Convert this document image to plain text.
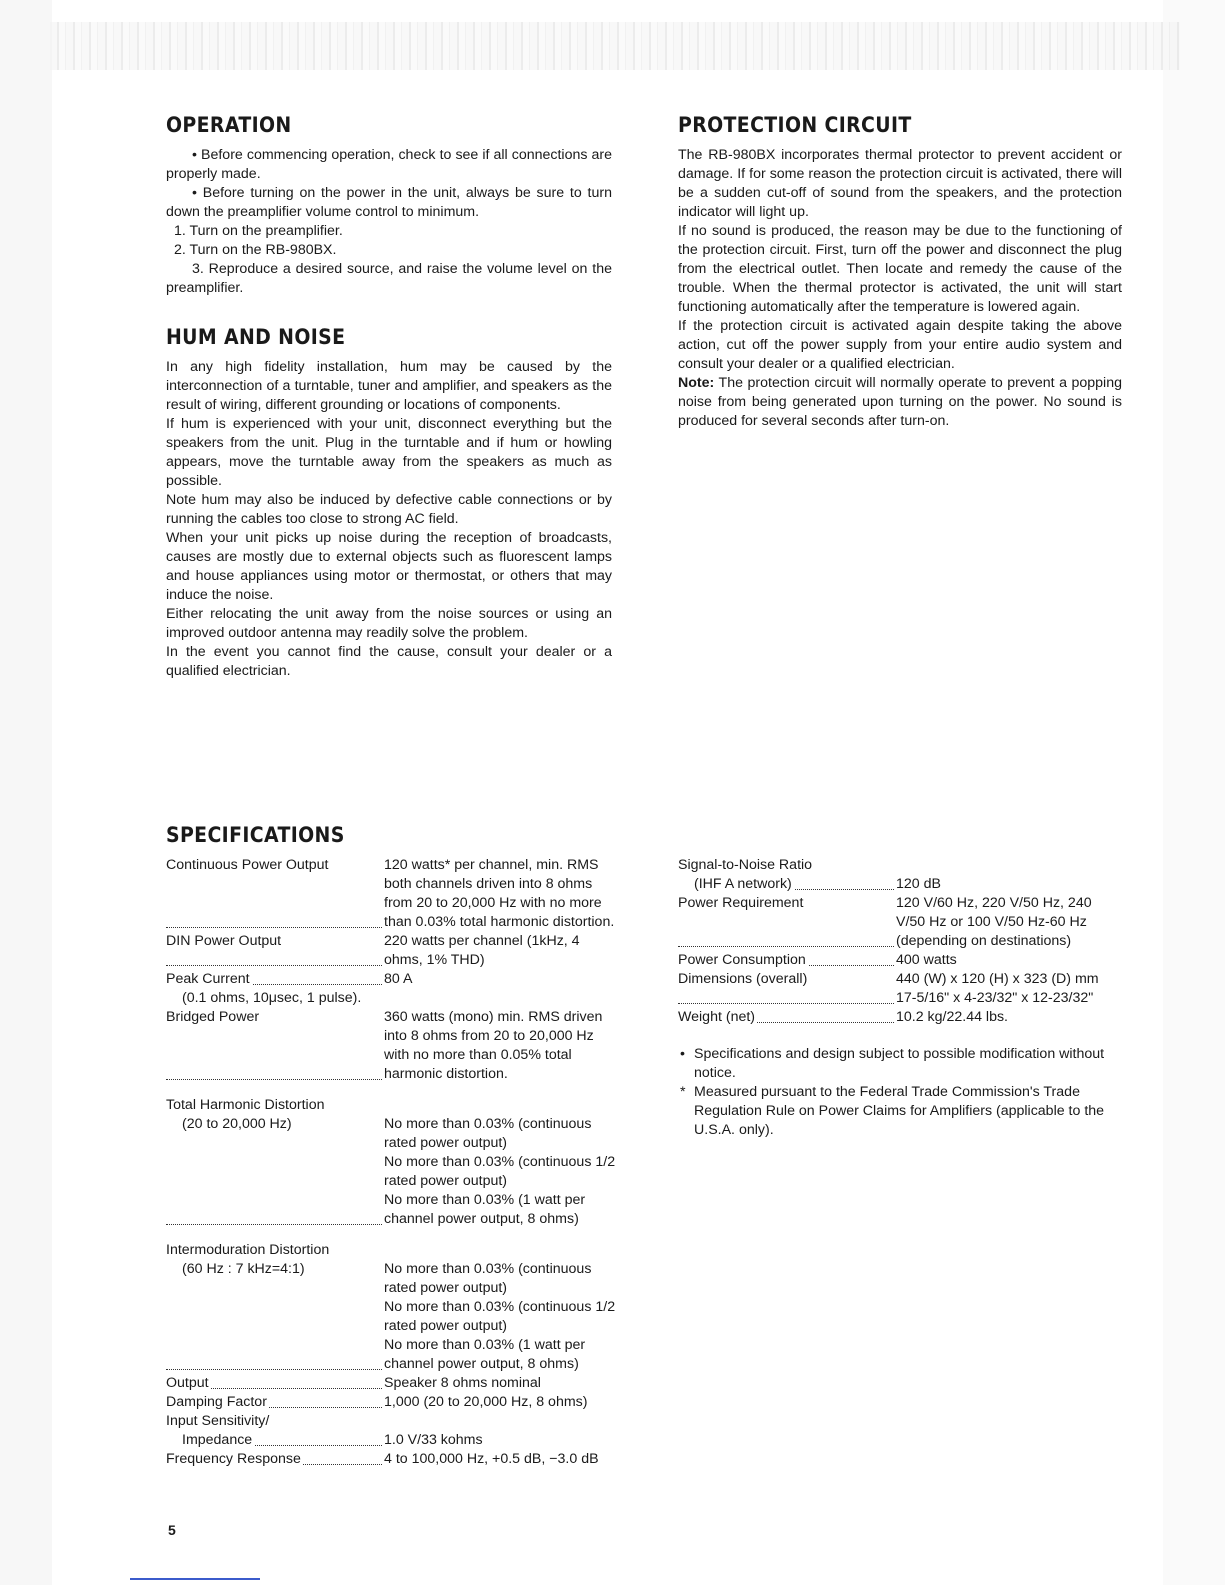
OPERATION

• Before commencing operation, check to see if all connections are properly made.

• Before turning on the power in the unit, always be sure to turn down the preamplifier volume control to minimum.

1. Turn on the preamplifier.

2. Turn on the RB-980BX.

3. Reproduce a desired source, and raise the volume level on the preamplifier.

HUM AND NOISE

In any high fidelity installation, hum may be caused by the interconnection of a turntable, tuner and amplifier, and speakers as the result of wiring, different grounding or locations of components.

If hum is experienced with your unit, disconnect everything but the speakers from the unit. Plug in the turntable and if hum or howling appears, move the turntable away from the speakers as much as possible.

Note hum may also be induced by defective cable connections or by running the cables too close to strong AC field.

When your unit picks up noise during the reception of broadcasts, causes are mostly due to external objects such as fluorescent lamps and house appliances using motor or thermostat, or others that may induce the noise.

Either relocating the unit away from the noise sources or using an improved outdoor antenna may readily solve the problem.

In the event you cannot find the cause, consult your dealer or a qualified electrician.

PROTECTION CIRCUIT

The RB-980BX incorporates thermal protector to prevent accident or damage. If for some reason the protection circuit is activated, there will be a sudden cut-off of sound from the speakers, and the protection indicator will light up.

If no sound is produced, the reason may be due to the functioning of the protection circuit. First, turn off the power and disconnect the plug from the electrical outlet. Then locate and remedy the cause of the trouble. When the thermal protector is activated, the unit will start functioning automatically after the temperature is lowered again.

If the protection circuit is activated again despite taking the above action, cut off the power supply from your entire audio system and consult your dealer or a qualified electrician.

Note: The protection circuit will normally operate to prevent a popping noise from being generated upon turning on the power. No sound is produced for several seconds after turn-on.

SPECIFICATIONS
Continuous Power Output	120 watts* per channel, min. RMS both channels driven into 8 ohms from 20 to 20,000 Hz with no more than 0.03% total harmonic distortion.
DIN Power Output	220 watts per channel (1kHz, 4 ohms, 1% THD)
Peak Current	80 A
(0.1 ohms, 10μsec, 1 pulse).
Bridged Power	360 watts (mono) min. RMS driven into 8 ohms from 20 to 20,000 Hz with no more than 0.05% total harmonic distortion.
Total Harmonic Distortion
(20 to 20,000 Hz)	No more than 0.03% (continuous rated power output)
No more than 0.03% (continuous 1/2 rated power output)
No more than 0.03% (1 watt per channel power output, 8 ohms)
Intermoduration Distortion
(60 Hz : 7 kHz=4:1)	No more than 0.03% (continuous rated power output)
No more than 0.03% (continuous 1/2 rated power output)
No more than 0.03% (1 watt per channel power output, 8 ohms)
Output	Speaker 8 ohms nominal
Damping Factor	1,000 (20 to 20,000 Hz, 8 ohms)
Input Sensitivity/
Impedance	1.0 V/33 kohms
Frequency Response	4 to 100,000 Hz, +0.5 dB, −3.0 dB
Signal-to-Noise Ratio
(IHF A network)	120 dB
Power Requirement	120 V/60 Hz, 220 V/50 Hz, 240 V/50 Hz or 100 V/50 Hz-60 Hz (depending on destinations)
Power Consumption	400 watts
Dimensions (overall)	440 (W) x 120 (H) x 323 (D) mm
17-5/16" x 4-23/32" x 12-23/32"
Weight (net)	10.2 kg/22.44 lbs.
• Specifications and design subject to possible modification without notice.
* Measured pursuant to the Federal Trade Commission's Trade Regulation Rule on Power Claims for Amplifiers (applicable to the U.S.A. only).
5
